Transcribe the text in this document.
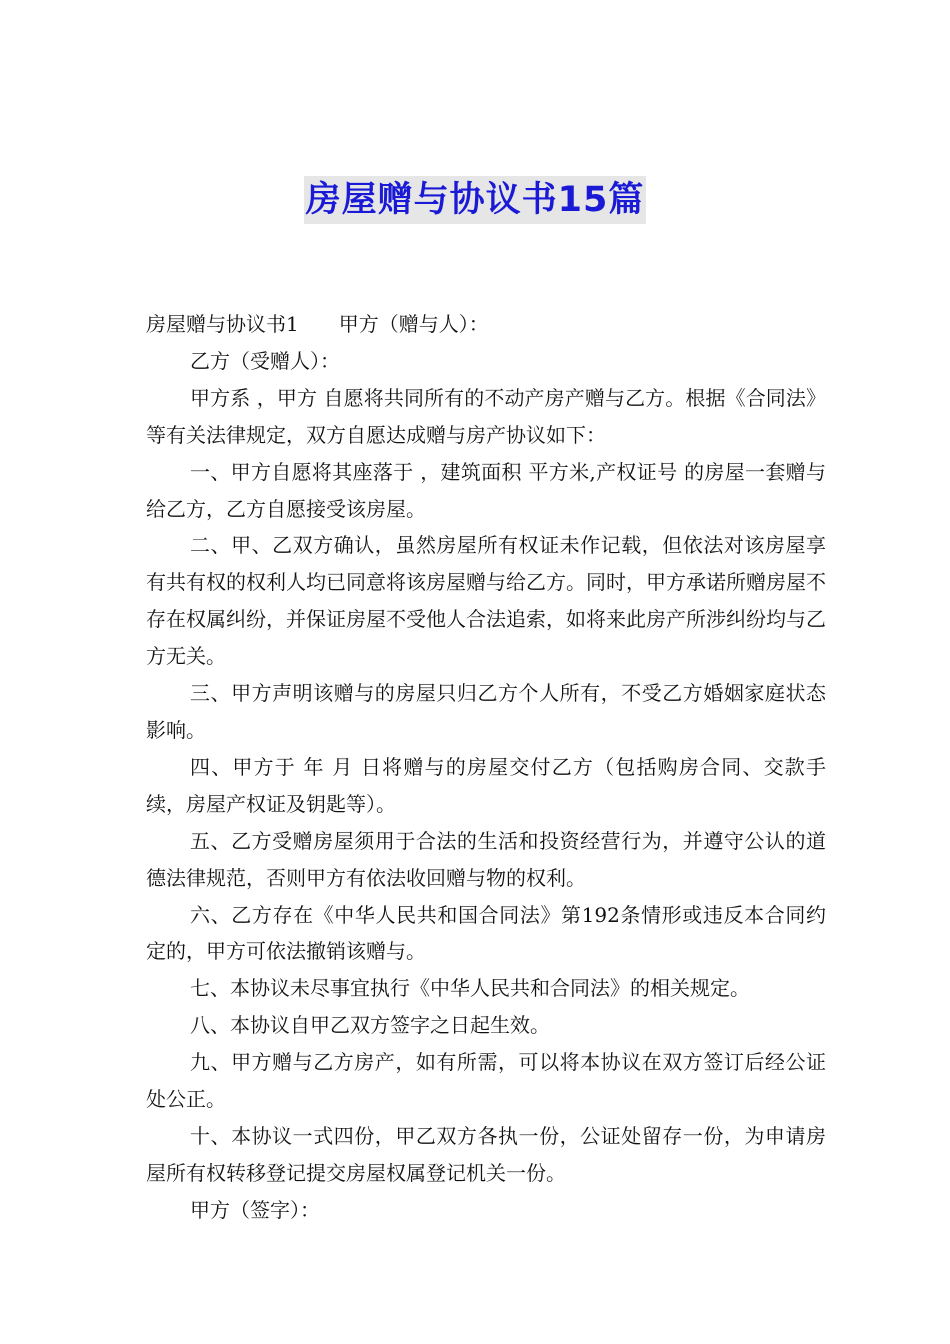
房屋赠与协议书15篇

房屋赠与协议书1 甲方（赠与人）：

乙方（受赠人）：

甲方系 ，甲方 自愿将共同所有的不动产房产赠与乙方。根据《合同法》等有关法律规定，双方自愿达成赠与房产协议如下：

一、甲方自愿将其座落于 ，建筑面积 平方米,产权证号 的房屋一套赠与给乙方，乙方自愿接受该房屋。

二、甲、乙双方确认，虽然房屋所有权证未作记载，但依法对该房屋享有共有权的权利人均已同意将该房屋赠与给乙方。同时，甲方承诺所赠房屋不存在权属纠纷，并保证房屋不受他人合法追索，如将来此房产所涉纠纷均与乙方无关。

三、甲方声明该赠与的房屋只归乙方个人所有，不受乙方婚姻家庭状态影响。

四、甲方于 年 月 日将赠与的房屋交付乙方（包括购房合同、交款手续，房屋产权证及钥匙等）。

五、乙方受赠房屋须用于合法的生活和投资经营行为，并遵守公认的道德法律规范，否则甲方有依法收回赠与物的权利。

六、乙方存在《中华人民共和国合同法》第192条情形或违反本合同约定的，甲方可依法撤销该赠与。

七、本协议未尽事宜执行《中华人民共和合同法》的相关规定。

八、本协议自甲乙双方签字之日起生效。

九、甲方赠与乙方房产，如有所需，可以将本协议在双方签订后经公证处公正。

十、本协议一式四份，甲乙双方各执一份，公证处留存一份，为申请房屋所有权转移登记提交房屋权属登记机关一份。

甲方（签字）：
